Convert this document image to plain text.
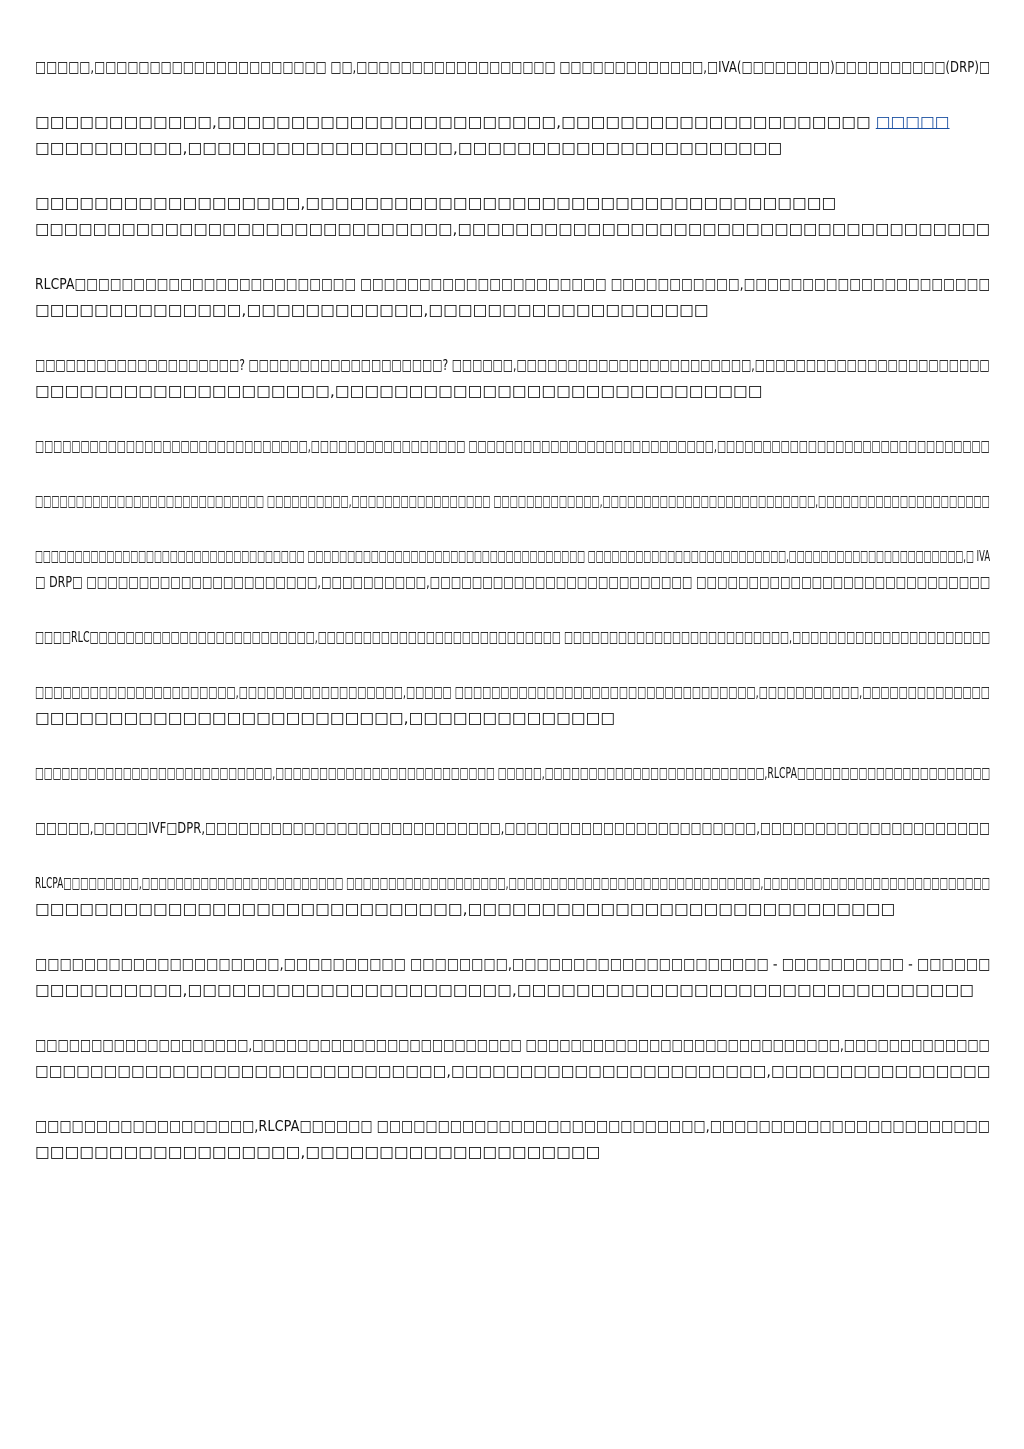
□□□□□,□□□□□□□□□□□□□□□□□□□□□ □□,□□□□□□□□□□□□□□□□□□ □□□□□□□□□□□□□,□IVA(□□□□□□□□)□□□□□□□□□□(DRP)□

□□□□□□□□□□□□,□□□□□□□□□□□□□□□□□□□□□□□,□□□□□□□□□□□□□□□□□□□□□ □□□□□
□□□□□□□□□□,□□□□□□□□□□□□□□□□□□,□□□□□□□□□□□□□□□□□□□□□□

□□□□□□□□□□□□□□□□□□,□□□□□□□□□□□□□□□□□□□□□□□□□□□□□□□□□□□□
□□□□□□□□□□□□□□□□□□□□□□□□□□□□□,□□□□□□□□□□□□□□□□□□□□□□□□□□□□□□□□□□□□□

RLCPA□□□□□□□□□□□□□□□□□□□□□□□□ □□□□□□□□□□□□□□□□□□□□□ □□□□□□□□□□□,□□□□□□□□□□□□□□□□□□□□□
□□□□□□□□□□□□□□,□□□□□□□□□□□□,□□□□□□□□□□□□□□□□□□□

□□□□□□□□□□□□□□□□□□□□? □□□□□□□□□□□□□□□□□□□? □□□□□□,□□□□□□□□□□□□□□□□□□□□□□□,□□□□□□□□□□□□□□□□□□□□□□□
□□□□□□□□□□□□□□□□□□□□,□□□□□□□□□□□□□□□□□□□□□□□□□□□□□

□□□□□□□□□□□□□□□□□□□□□□□□□□□□□□,□□□□□□□□□□□□□□□□□ □□□□□□□□□□□□□□□□□□□□□□□□□□□,□□□□□□□□□□□□□□□□□□□□□□□□□□□□□□

□□□□□□□□□□□□□□□□□□□□□□□□□□□□ □□□□□□□□□□,□□□□□□□□□□□□□□□□□ □□□□□□□□□□□□□,□□□□□□□□□□□□□□□□□□□□□□□□□□,□□□□□□□□□□□□□□□□□□□□□

□□□□□□□□□□□□□□□□□□□□□□□□□□□□□□□□□□ □□□□□□□□□□□□□□□□□□□□□□□□□□□□□□□□□□□ □□□□□□□□□□□□□□□□□□□□□□□□□,□□□□□□□□□□□□□□□□□□□□□□,□ IVA
□ DRP□ □□□□□□□□□□□□□□□□□□□□□□,□□□□□□□□□□,□□□□□□□□□□□□□□□□□□□□□□□□□ □□□□□□□□□□□□□□□□□□□□□□□□□□□□

□□□□RLC□□□□□□□□□□□□□□□□□□□□□□□□□,□□□□□□□□□□□□□□□□□□□□□□□□□□□ □□□□□□□□□□□□□□□□□□□□□□□□□,□□□□□□□□□□□□□□□□□□□□□□

□□□□□□□□□□□□□□□□□□□□□□,□□□□□□□□□□□□□□□□□□,□□□□□ □□□□□□□□□□□□□□□□□□□□□□□□□□□□□□□□□,□□□□□□□□□□□,□□□□□□□□□□□□□□
□□□□□□□□□□□□□□□□□□□□□□□□□,□□□□□□□□□□□□□□

□□□□□□□□□□□□□□□□□□□□□□□□□□□,□□□□□□□□□□□□□□□□□□□□□□□□□ □□□□□,□□□□□□□□□□□□□□□□□□□□□□□□□,RLCPA□□□□□□□□□□□□□□□□□□□□□□

□□□□□,□□□□□IVF□DPR,□□□□□□□□□□□□□□□□□□□□□□□□□□□,□□□□□□□□□□□□□□□□□□□□□□□,□□□□□□□□□□□□□□□□□□□□□

RLCPA□□□□□□□□□,□□□□□□□□□□□□□□□□□□□□□□□□ □□□□□□□□□□□□□□□□□□□,□□□□□□□□□□□□□□□□□□□□□□□□□□□□□□,□□□□□□□□□□□□□□□□□□□□□□□□□□□
□□□□□□□□□□□□□□□□□□□□□□□□□□□□□,□□□□□□□□□□□□□□□□□□□□□□□□□□□□□

□□□□□□□□□□□□□□□□□□□□,□□□□□□□□□□ □□□□□□□□,□□□□□□□□□□□□□□□□□□□□□ - □□□□□□□□□□ - □□□□□□
□□□□□□□□□□,□□□□□□□□□□□□□□□□□□□□□□,□□□□□□□□□□□□□□□□□□□□□□□□□□□□□□□

□□□□□□□□□□□□□□□□□□□,□□□□□□□□□□□□□□□□□□□□□□□□ □□□□□□□□□□□□□□□□□□□□□□□□□□□□,□□□□□□□□□□□□□
□□□□□□□□□□□□□□□□□□□□□□□□□□□□□□,□□□□□□□□□□□□□□□□□□□□□□□,□□□□□□□□□□□□□□□□

□□□□□□□□□□□□□□□□□□,RLCPA□□□□□□ □□□□□□□□□□□□□□□□□□□□□□□□□□□,□□□□□□□□□□□□□□□□□□□□□□□
□□□□□□□□□□□□□□□□□□,□□□□□□□□□□□□□□□□□□□□
